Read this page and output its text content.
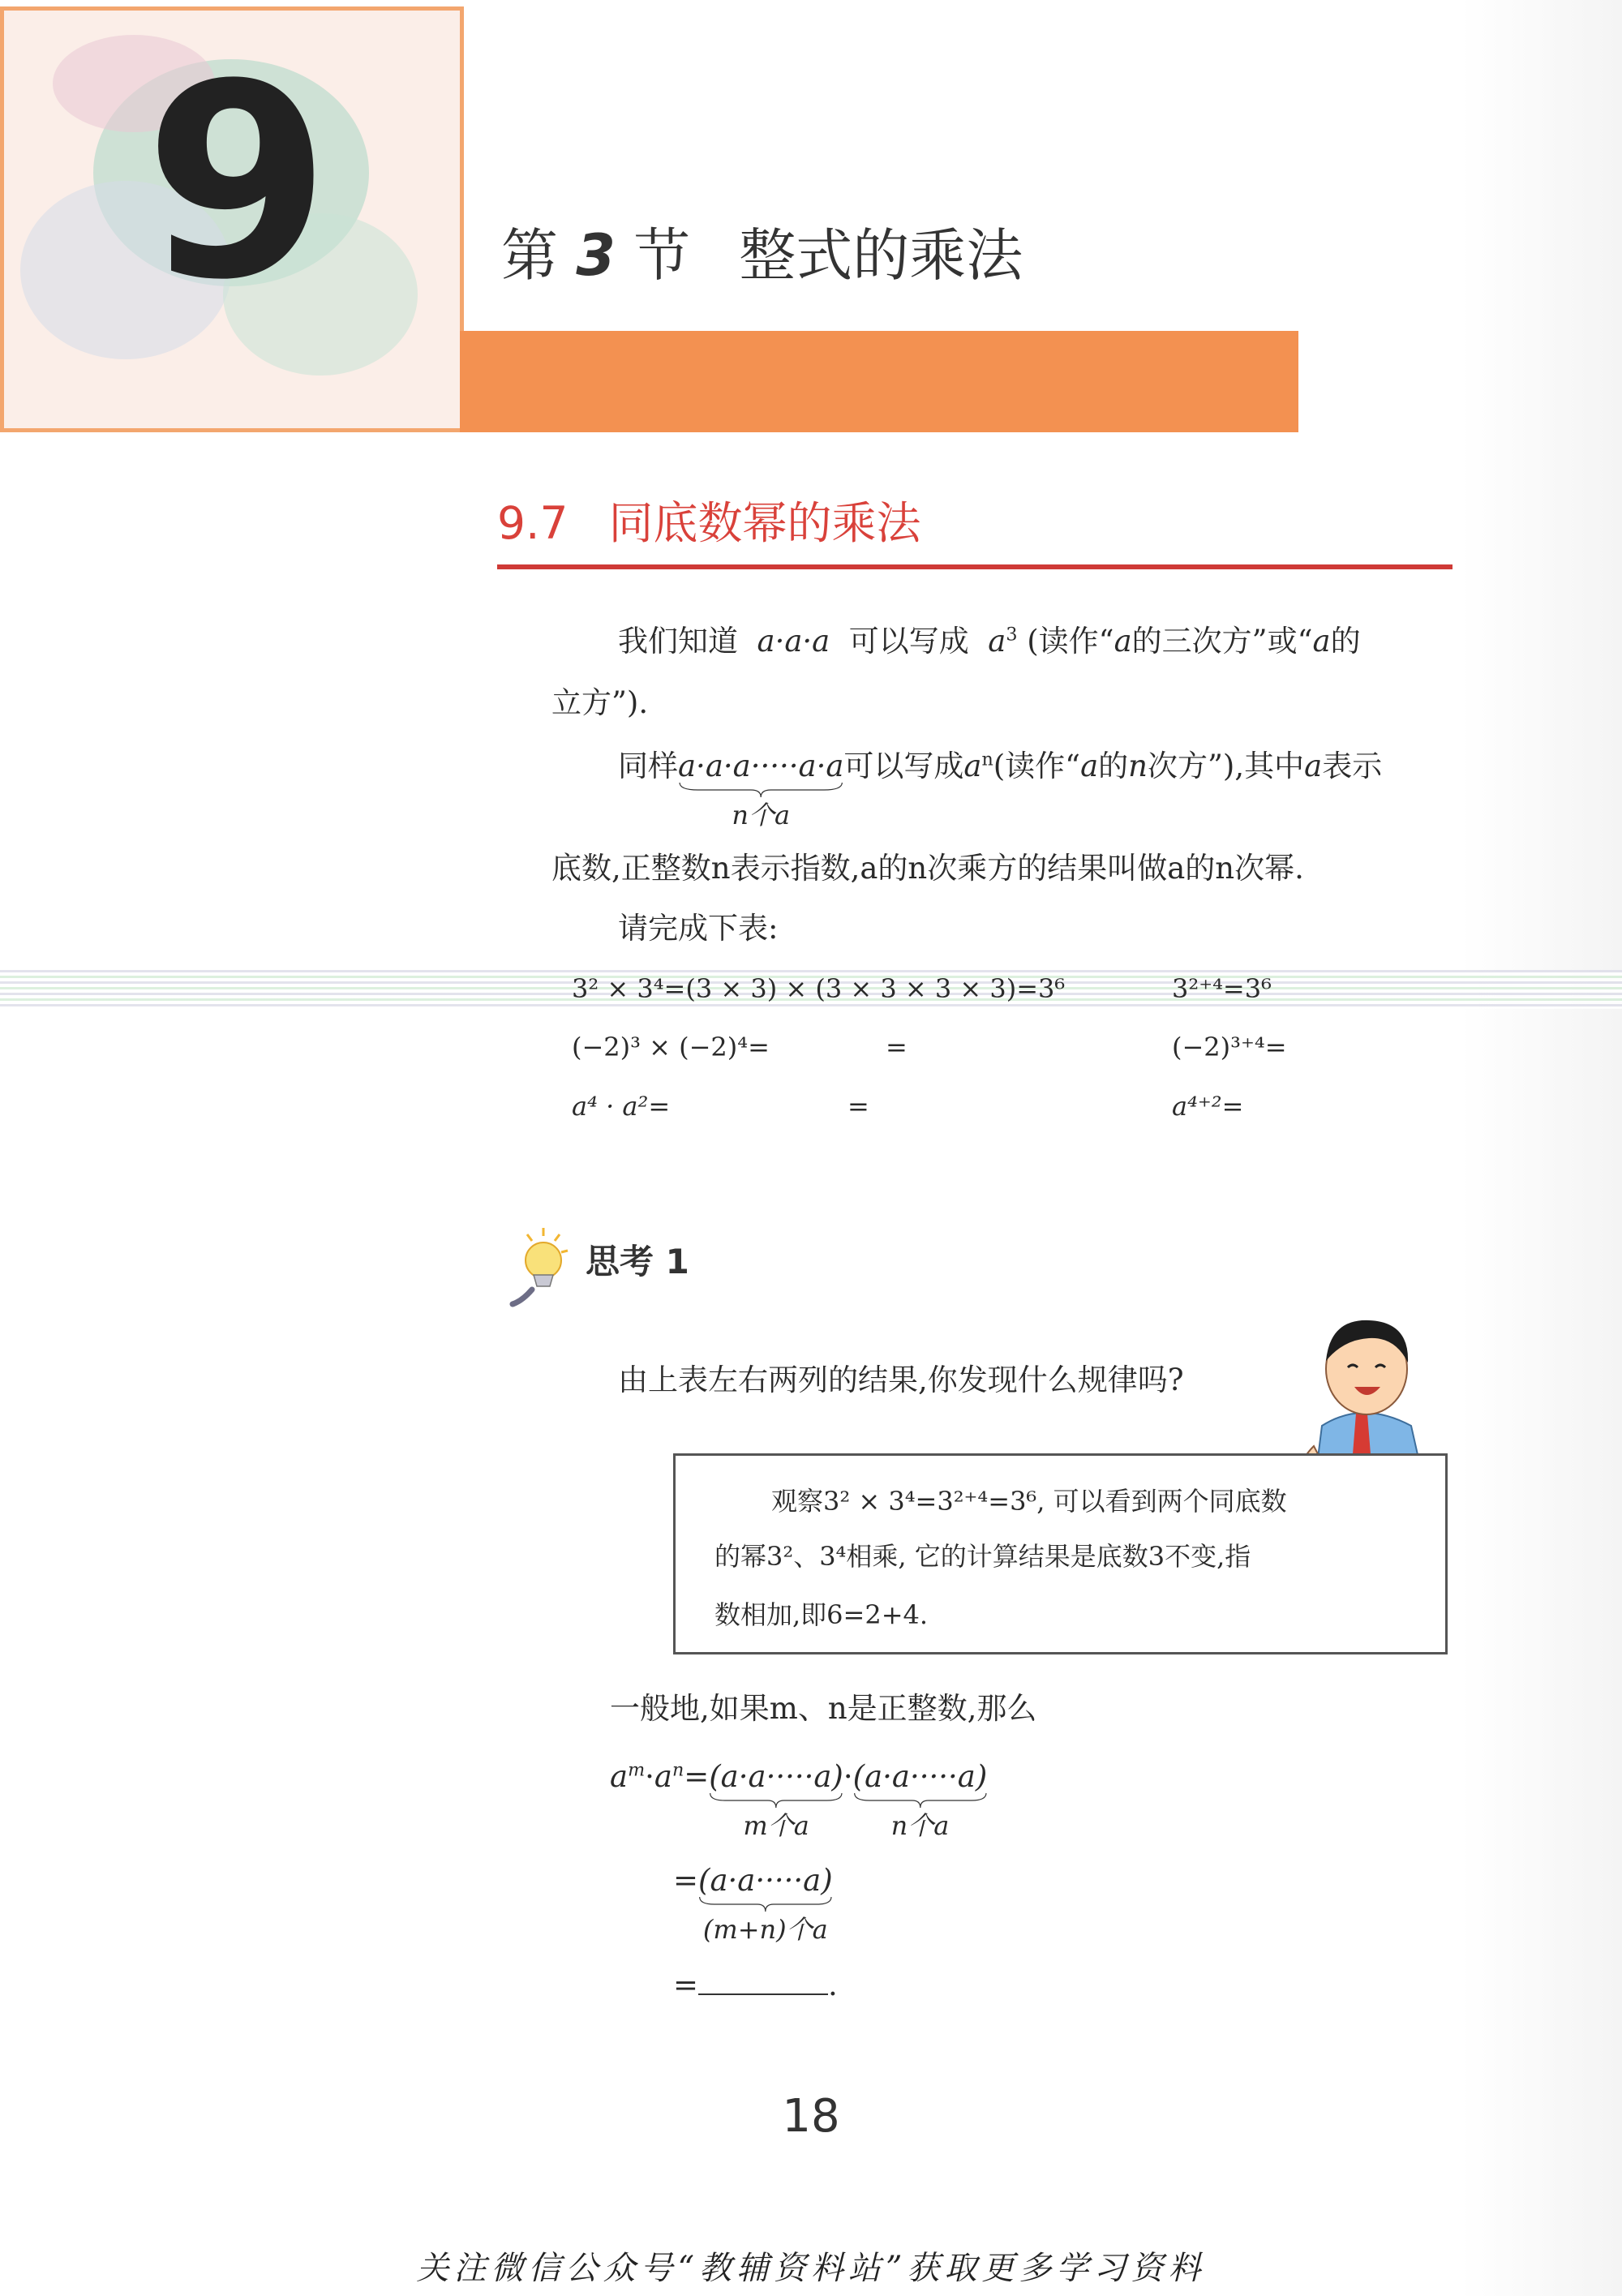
9	第 3 节 整式的乘法
9.7 同底数幂的乘法
我们知道 a·a·a 可以写成 $a^3$ (读作“a的三次方”或“a的
立方”).
同样a·a·a·····a·a
n个a
可以写成$a^n$(读作“a的n次方”),其中a表示
底数,正整数n表示指数,a的n次乘方的结果叫做a的n次幂.
请完成下表:
3² × 3⁴=(3 × 3) × (3 × 3 × 3 × 3)=3⁶	3²⁺⁴=3⁶
(−2)³ × (−2)⁴=	=	(−2)³⁺⁴=
a⁴ · a²=	=	a⁴⁺²=
思考 1
由上表左右两列的结果,你发现什么规律吗?
观察3² × 3⁴=3²⁺⁴=3⁶, 可以看到两个同底数
的幂3²、3⁴相乘, 它的计算结果是底数3不变,指
数相加,即6=2+4.
一般地,如果m、n是正整数,那么
$a^m\cdot a^n=(a\cdot a\cdot\cdot\cdot\cdot\cdot a)$
m个a
·(a·a·····a)
n个a
=(a·a·····a)
(m+n)个a
=	.
18
关注微信公众号“教辅资料站”获取更多学习资料
